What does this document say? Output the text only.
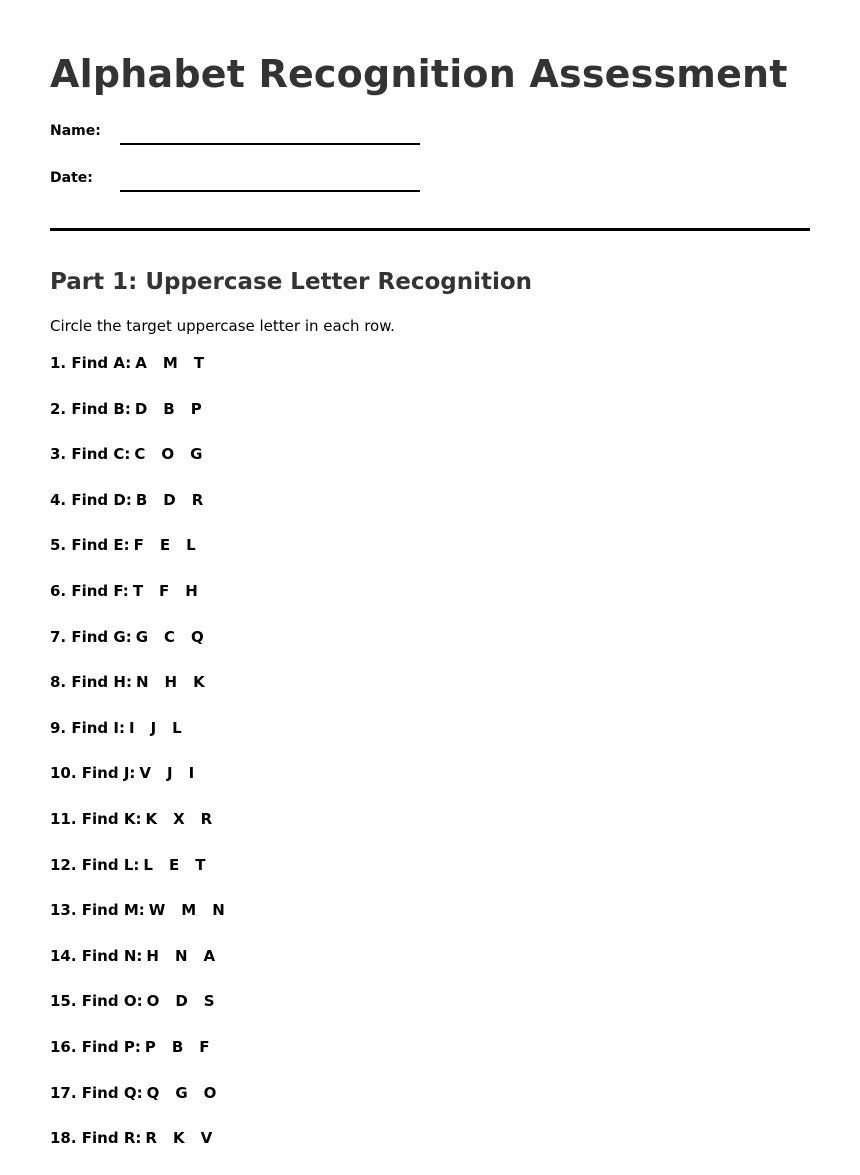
Alphabet Recognition Assessment
Name:
Date:
Part 1: Uppercase Letter Recognition
Circle the target uppercase letter in each row.
1. Find A: A M T
2. Find B: D B P
3. Find C: C O G
4. Find D: B D R
5. Find E: F E L
6. Find F: T F H
7. Find G: G C Q
8. Find H: N H K
9. Find I: I J L
10. Find J: V J I
11. Find K: K X R
12. Find L: L E T
13. Find M: W M N
14. Find N: H N A
15. Find O: O D S
16. Find P: P B F
17. Find Q: Q G O
18. Find R: R K V
